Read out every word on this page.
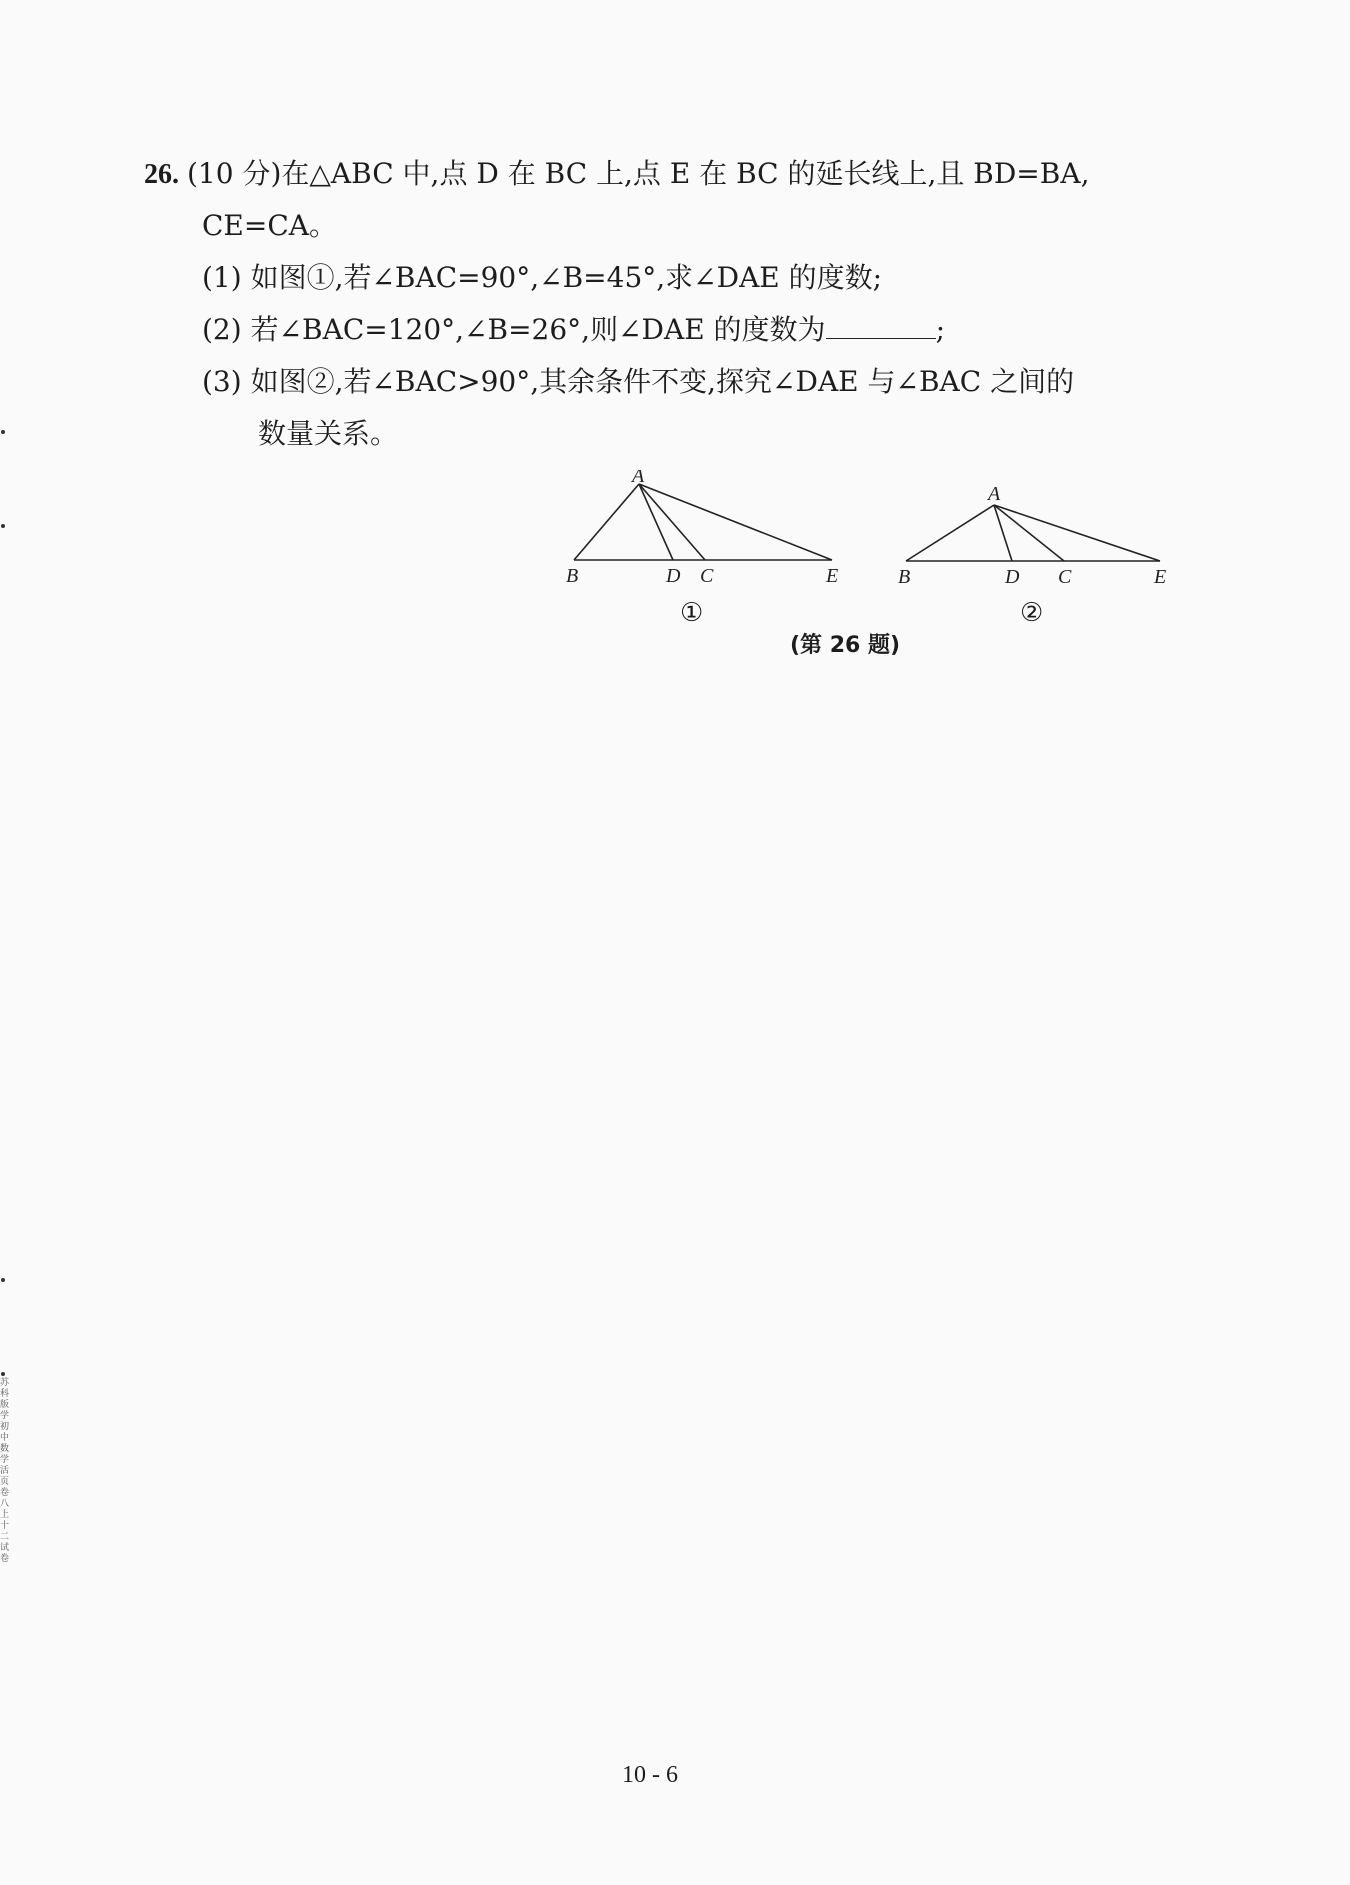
26. (10 分)在△ABC 中,点 D 在 BC 上,点 E 在 BC 的延长线上,且 BD=BA,
CE=CA。
(1) 如图①,若∠BAC=90°,∠B=45°,求∠DAE 的度数;
(2) 若∠BAC=120°,∠B=26°,则∠DAE 的度数为	;
(3) 如图②,若∠BAC>90°,其余条件不变,探究∠DAE 与∠BAC 之间的
数量关系。
A
B	D C	E
①
A
B	D C	E
②
(第 26 题)
10 - 6
苏科版学初中数学活页卷 八上 十二试卷
